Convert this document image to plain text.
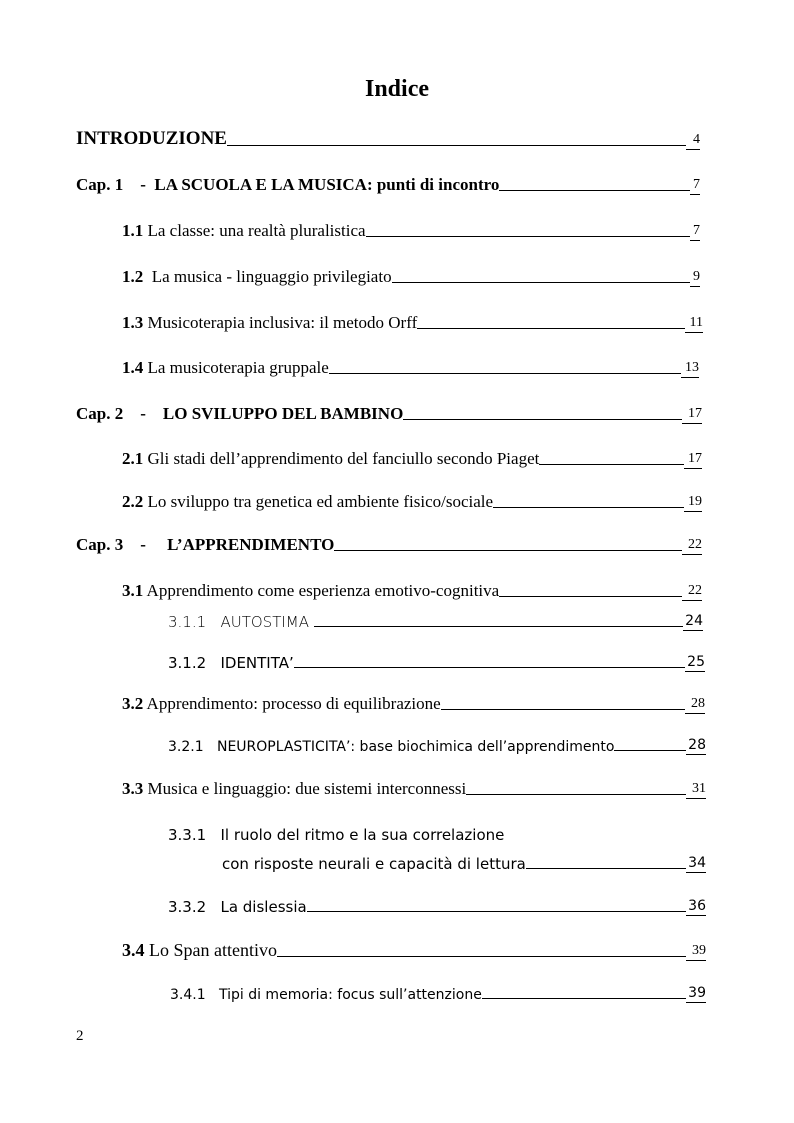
Indice
INTRODUZIONE	4
Cap. 1    -  LA SCUOLA E LA MUSICA: punti di incontro	7
1.1 La classe: una realtà pluralistica	7
1.2  La musica - linguaggio privilegiato	9
1.3 Musicoterapia inclusiva: il metodo Orff	11
1.4 La musicoterapia gruppale	13
Cap. 2    -    LO SVILUPPO DEL BAMBINO	17
2.1 Gli stadi dell’apprendimento del fanciullo secondo Piaget	17
2.2 Lo sviluppo tra genetica ed ambiente fisico/sociale	19
Cap. 3    -     L’APPRENDIMENTO	22
3.1 Apprendimento come esperienza emotivo-cognitiva	22
3.1.1   AUTOSTIMA	24
3.1.2   IDENTITA’	25
3.2 Apprendimento: processo di equilibrazione	28
3.2.1   NEUROPLASTICITA’: base biochimica dell’apprendimento	28
3.3 Musica e linguaggio: due sistemi interconnessi	31
3.3.1   Il ruolo del ritmo e la sua correlazione
con risposte neurali e capacità di lettura	34
3.3.2   La dislessia	36
3.4 Lo Span attentivo	39
3.4.1   Tipi di memoria: focus sull’attenzione	39
2
